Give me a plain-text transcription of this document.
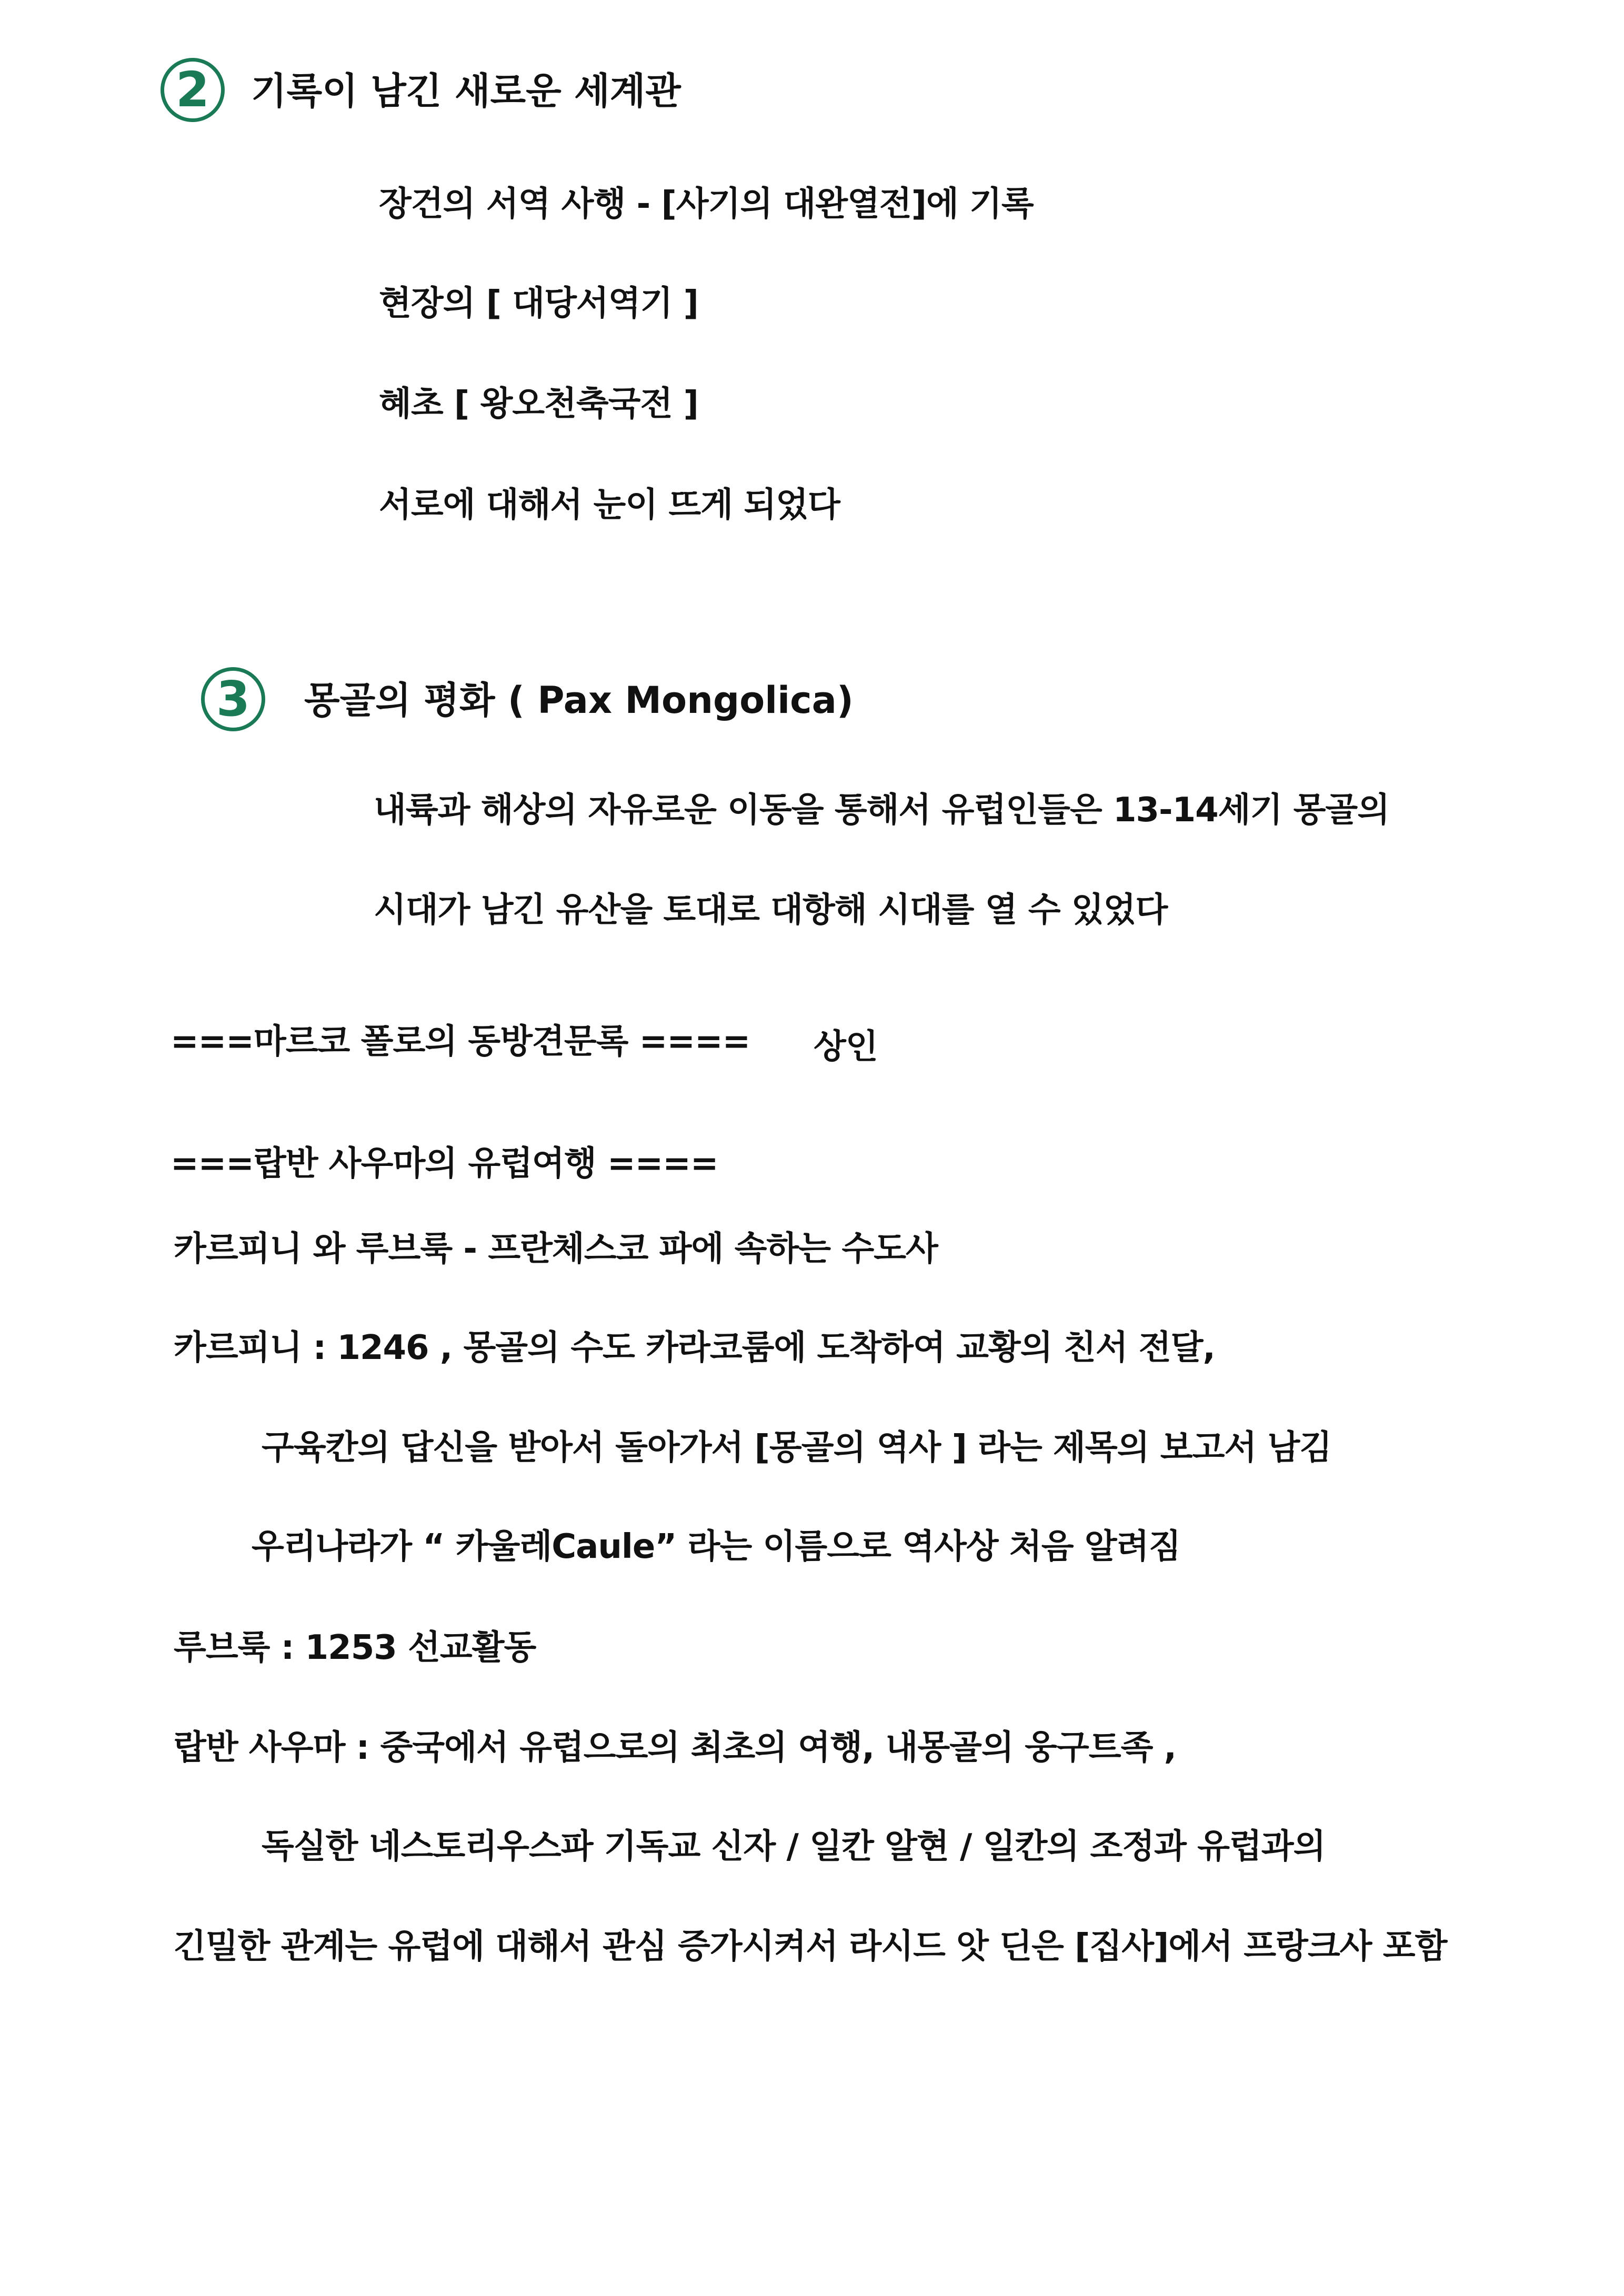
2	기록이 남긴 새로운 세계관
장건의 서역 사행 - [사기의 대완열전]에 기록
현장의 [ 대당서역기 ]
혜초 [ 왕오천축국전 ]
서로에 대해서 눈이 뜨게 되었다
3	몽골의 평화 ( Pax Mongolica)
내륙과 해상의 자유로운 이동을 통해서 유럽인들은 13-14세기 몽골의
시대가 남긴 유산을 토대로 대항해 시대를 열 수 있었다
===마르코 폴로의 동방견문록 ==== 상인
===랍반 사우마의 유럽여행 ====
카르피니 와 루브룩 - 프란체스코 파에 속하는 수도사
카르피니 : 1246 , 몽골의 수도 카라코룸에 도착하여 교황의 친서 전달,
구육칸의 답신을 받아서 돌아가서 [몽골의 역사 ] 라는 제목의 보고서 남김
우리나라가 “ 카울레Caule” 라는 이름으로 역사상 처음 알려짐
루브룩 : 1253 선교활동
랍반 사우마 : 중국에서 유럽으로의 최초의 여행, 내몽골의 웅구트족 ,
독실한 네스토리우스파 기독교 신자 / 일칸 알현 / 일칸의 조정과 유럽과의
긴밀한 관계는 유럽에 대해서 관심 증가시켜서 라시드 앗 딘은 [집사]에서 프랑크사 포함
